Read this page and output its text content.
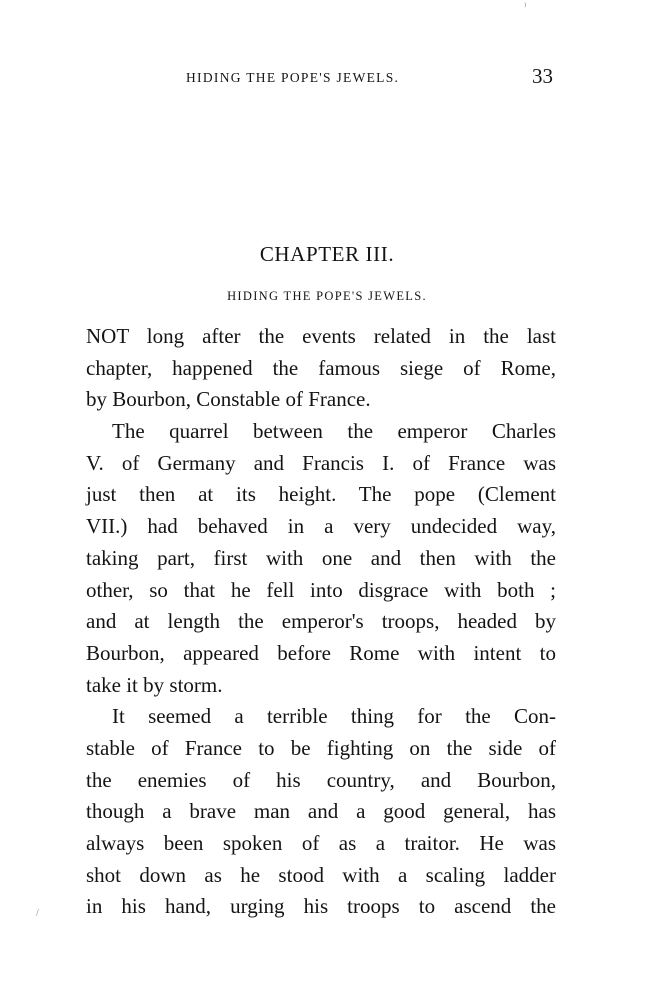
HIDING THE POPE'S JEWELS.	33
CHAPTER III.
HIDING THE POPE'S JEWELS.
NOT long after the events related in the last
chapter, happened the famous siege of Rome,
by Bourbon, Constable of France.
The quarrel between the emperor Charles
V. of Germany and Francis I. of France was
just then at its height. The pope (Clement
VII.) had behaved in a very undecided way,
taking part, first with one and then with the
other, so that he fell into disgrace with both ;
and at length the emperor's troops, headed by
Bourbon, appeared before Rome with intent to
take it by storm.
It seemed a terrible thing for the Con-
stable of France to be fighting on the side of
the enemies of his country, and Bourbon,
though a brave man and a good general, has
always been spoken of as a traitor. He was
shot down as he stood with a scaling ladder
in his hand, urging his troops to ascend the
⁾
/
